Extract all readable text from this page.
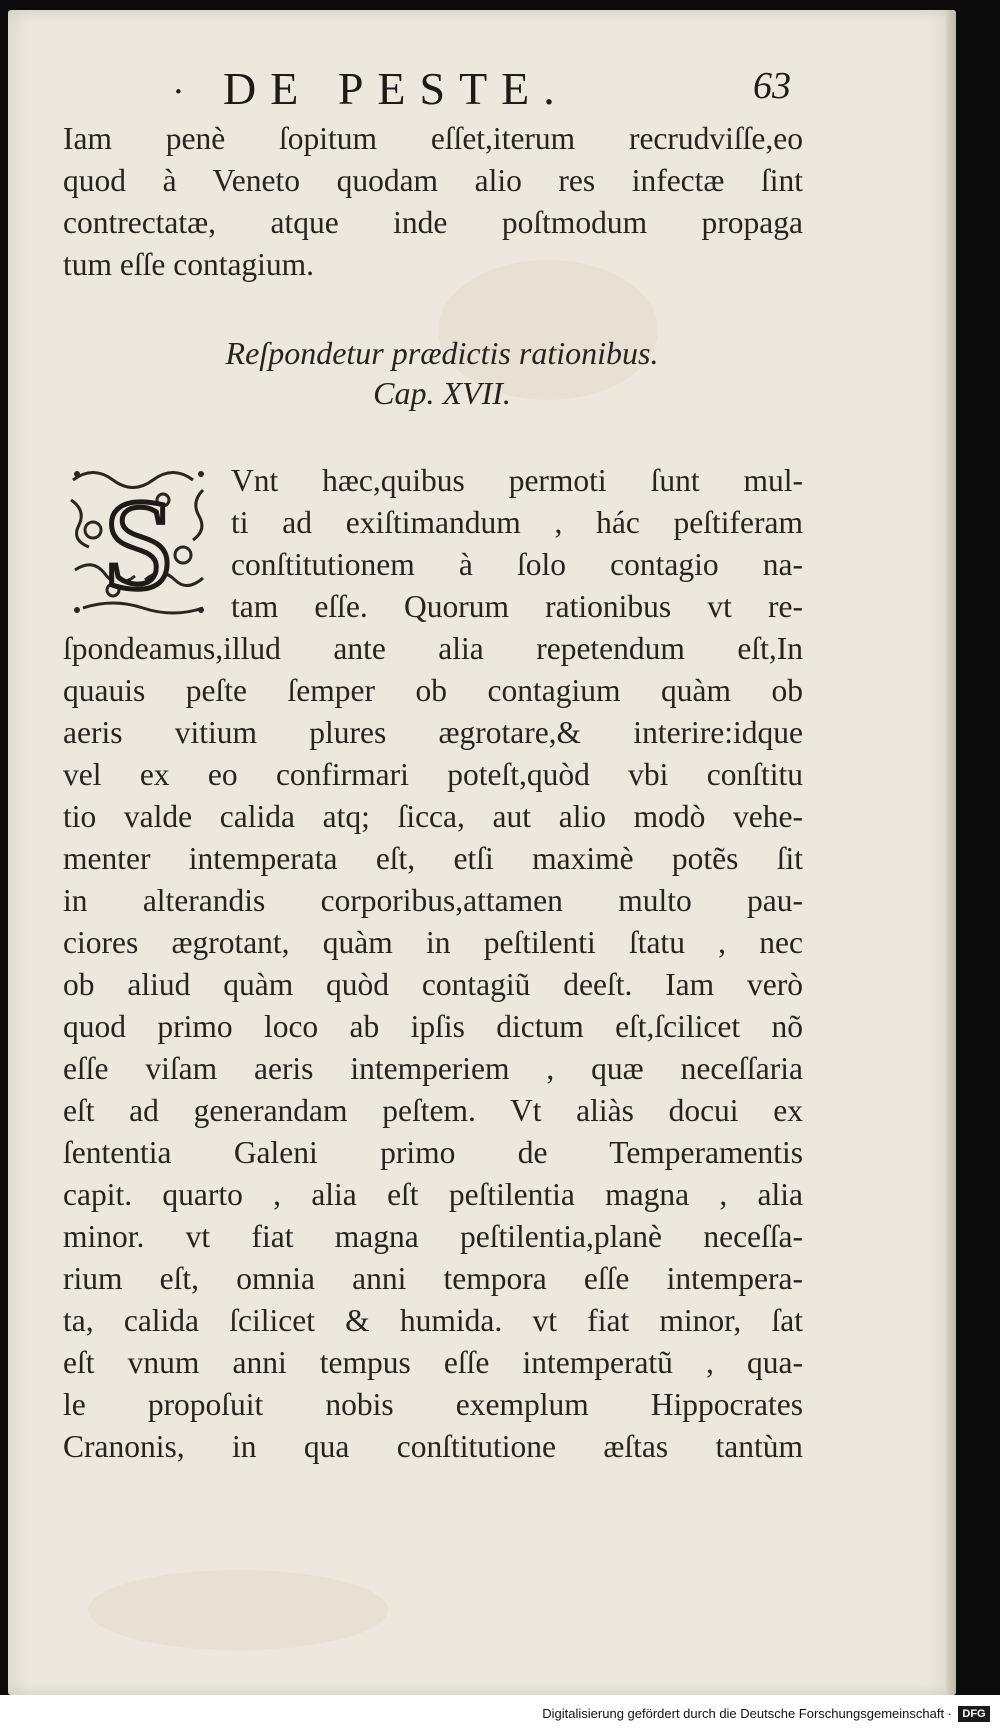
· DE PESTE.	63
Iam penè ſopitum eſſet,iterum recrudviſſe,eo
quod à Veneto quodam alio res infectæ ſint
contrectatæ, atque inde poſtmodum propaga
tum eſſe contagium.
Reſpondetur prædictis rationibus.
Cap. XVII.
S	Vnt hæc,quibus permoti ſunt mul-
ti ad exiſtimandum , hác peſtiferam
conſtitutionem à ſolo contagio na-
tam eſſe. Quorum rationibus vt re-
ſpondeamus,illud ante alia repetendum eſt,In
quauis peſte ſemper ob contagium quàm ob
aeris vitium plures ægrotare,& interire:idque
vel ex eo confirmari poteſt,quòd vbi conſtitu
tio valde calida atq; ſicca, aut alio modò vehe-
menter intemperata eſt, etſi maximè potẽs ſit
in alterandis corporibus,attamen multo pau-
ciores ægrotant, quàm in peſtilenti ſtatu , nec
ob aliud quàm quòd contagiũ deeſt. Iam verò
quod primo loco ab ipſis dictum eſt,ſcilicet nõ
eſſe viſam aeris intemperiem , quæ neceſſaria
eſt ad generandam peſtem. Vt aliàs docui ex
ſententia Galeni primo de Temperamentis
capit. quarto , alia eſt peſtilentia magna , alia
minor. vt fiat magna peſtilentia,planè neceſſa-
rium eſt, omnia anni tempora eſſe intempera-
ta, calida ſcilicet & humida. vt fiat minor, ſat
eſt vnum anni tempus eſſe intemperatũ , qua-
le propoſuit nobis exemplum Hippocrates
Cranonis, in qua conſtitutione æſtas tantùm
Digitalisierung gefördert durch die Deutsche Forschungsgemeinschaft · DFG
